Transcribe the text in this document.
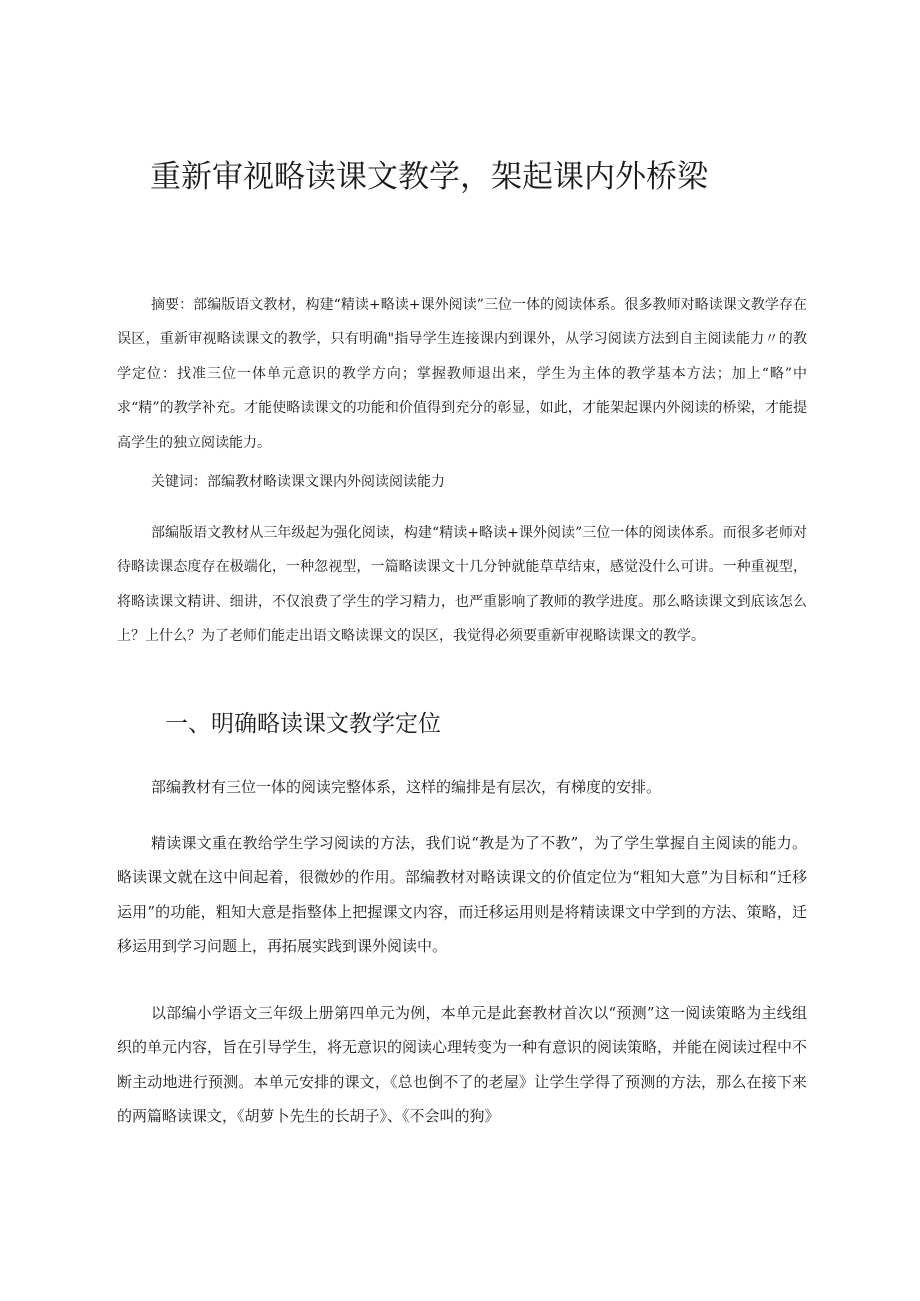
重新审视略读课文教学，架起课内外桥梁

摘要：部编版语文教材，构建“精读+略读+课外阅读”三位一体的阅读体系。很多教师对略读课文教学存在误区，重新审视略读课文的教学，只有明确"指导学生连接课内到课外，从学习阅读方法到自主阅读能力〃的教学定位：找准三位一体单元意识的教学方向；掌握教师退出来，学生为主体的教学基本方法；加上“略”中求“精”的教学补充。才能使略读课文的功能和价值得到充分的彰显，如此，才能架起课内外阅读的桥梁，才能提高学生的独立阅读能力。

关键词：部编教材略读课文课内外阅读阅读能力

部编版语文教材从三年级起为强化阅读，构建“精读+略读+课外阅读”三位一体的阅读体系。而很多老师对待略读课态度存在极端化，一种忽视型，一篇略读课文十几分钟就能草草结束，感觉没什么可讲。一种重视型，将略读课文精讲、细讲，不仅浪费了学生的学习精力，也严重影响了教师的教学进度。那么略读课文到底该怎么上？上什么？为了老师们能走出语文略读课文的误区，我觉得必须要重新审视略读课文的教学。

一、明确略读课文教学定位

部编教材有三位一体的阅读完整体系，这样的编排是有层次，有梯度的安排。

精读课文重在教给学生学习阅读的方法，我们说“教是为了不教”，为了学生掌握自主阅读的能力。略读课文就在这中间起着，很微妙的作用。部编教材对略读课文的价值定位为“粗知大意”为目标和“迁移运用”的功能，粗知大意是指整体上把握课文内容，而迁移运用则是将精读课文中学到的方法、策略，迁移运用到学习问题上，再拓展实践到课外阅读中。

以部编小学语文三年级上册第四单元为例，本单元是此套教材首次以“预测”这一阅读策略为主线组织的单元内容，旨在引导学生，将无意识的阅读心理转变为一种有意识的阅读策略，并能在阅读过程中不断主动地进行预测。本单元安排的课文，《总也倒不了的老屋》让学生学得了预测的方法，那么在接下来的两篇略读课文，《胡萝卜先生的长胡子》、《不会叫的狗》
